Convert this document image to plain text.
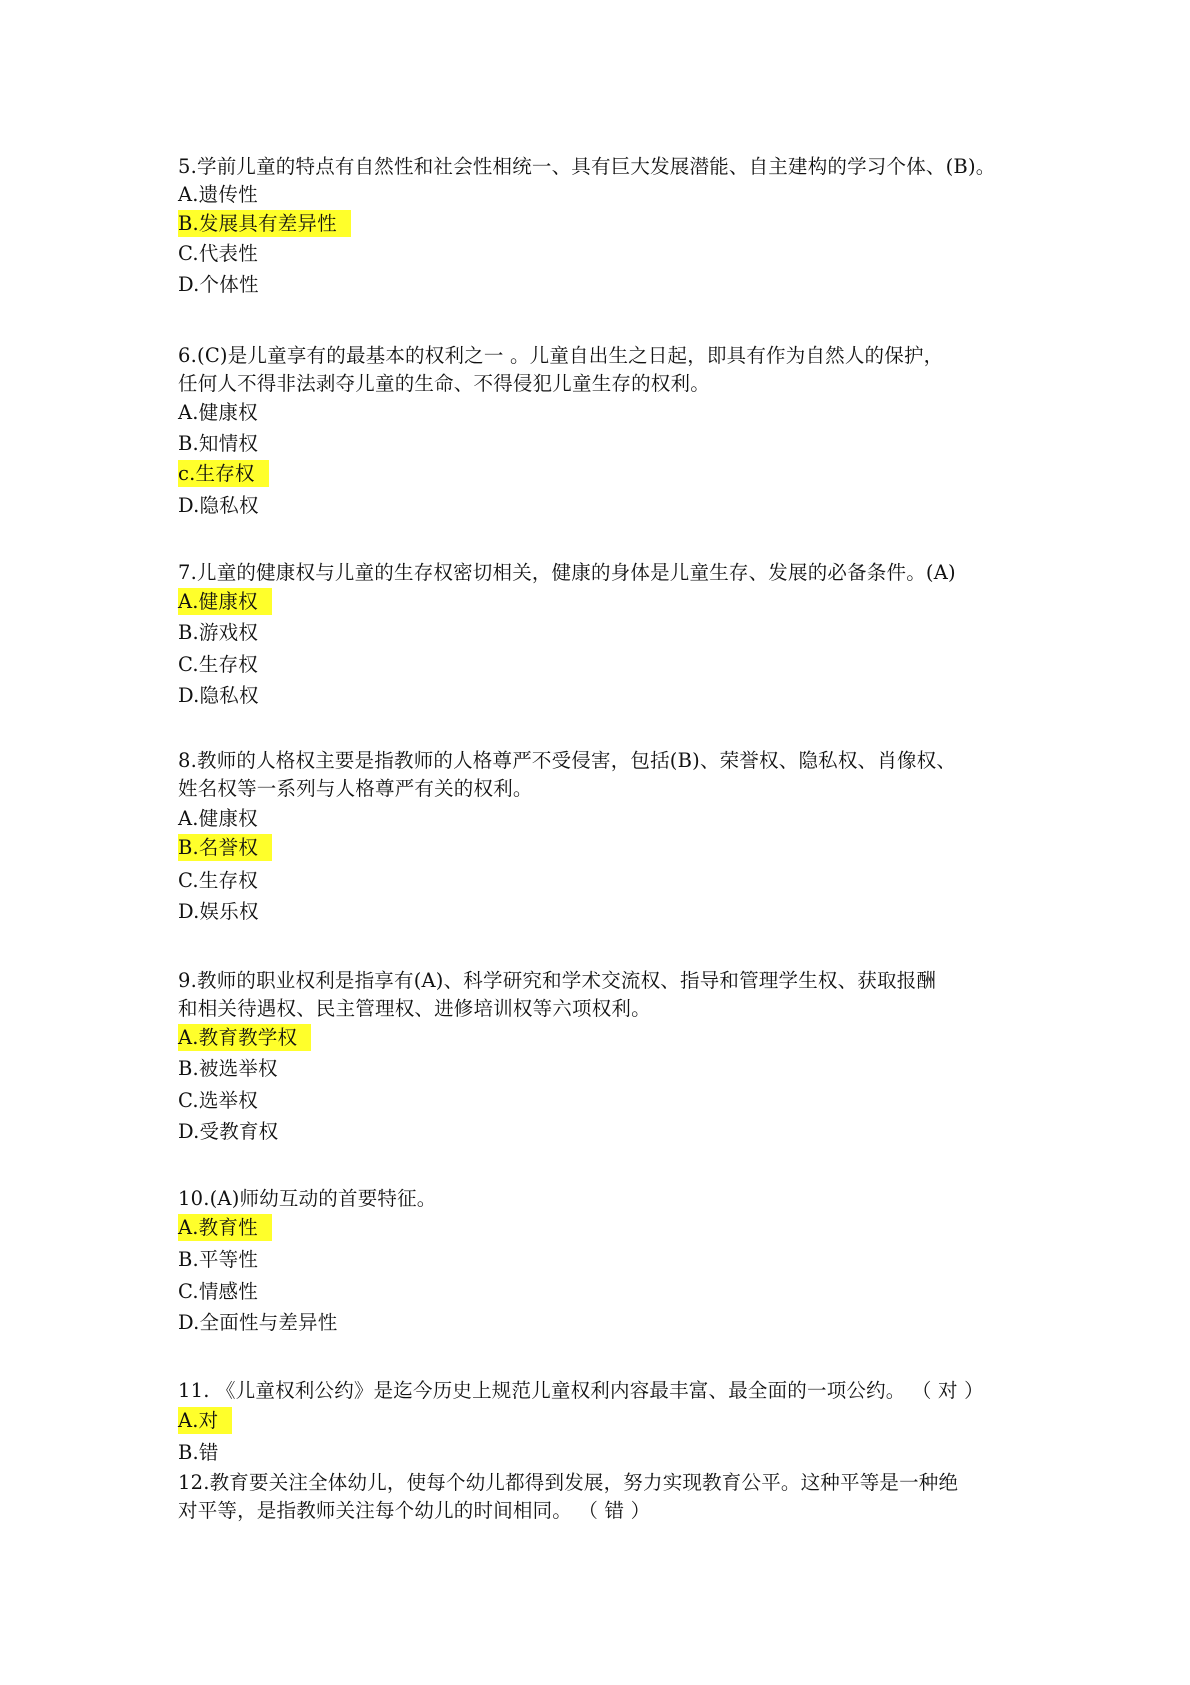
5.学前儿童的特点有自然性和社会性相统一、具有巨大发展潜能、自主建构的学习个体、(B)。
A.遗传性
B.发展具有差异性
C.代表性
D.个体性
6.(C)是儿童享有的最基本的权利之一 。儿童自出生之日起，即具有作为自然人的保护，
任何人不得非法剥夺儿童的生命、不得侵犯儿童生存的权利。
A.健康权
B.知情权
c.生存权
D.隐私权
7.儿童的健康权与儿童的生存权密切相关，健康的身体是儿童生存、发展的必备条件。(A)
A.健康权
B.游戏权
C.生存权
D.隐私权
8.教师的人格权主要是指教师的人格尊严不受侵害，包括(B)、荣誉权、隐私权、肖像权、
姓名权等一系列与人格尊严有关的权利。
A.健康权
B.名誉权
C.生存权
D.娱乐权
9.教师的职业权利是指享有(A)、科学研究和学术交流权、指导和管理学生权、获取报酬
和相关待遇权、民主管理权、进修培训权等六项权利。
A.教育教学权
B.被选举权
C.选举权
D.受教育权
10.(A)师幼互动的首要特征。
A.教育性
B.平等性
C.情感性
D.全面性与差异性
11. 《儿童权利公约》是迄今历史上规范儿童权利内容最丰富、最全面的一项公约。 （ 对 ）
A.对
B.错
12.教育要关注全体幼儿，使每个幼儿都得到发展，努力实现教育公平。这种平等是一种绝
对平等，是指教师关注每个幼儿的时间相同。 （ 错 ）
